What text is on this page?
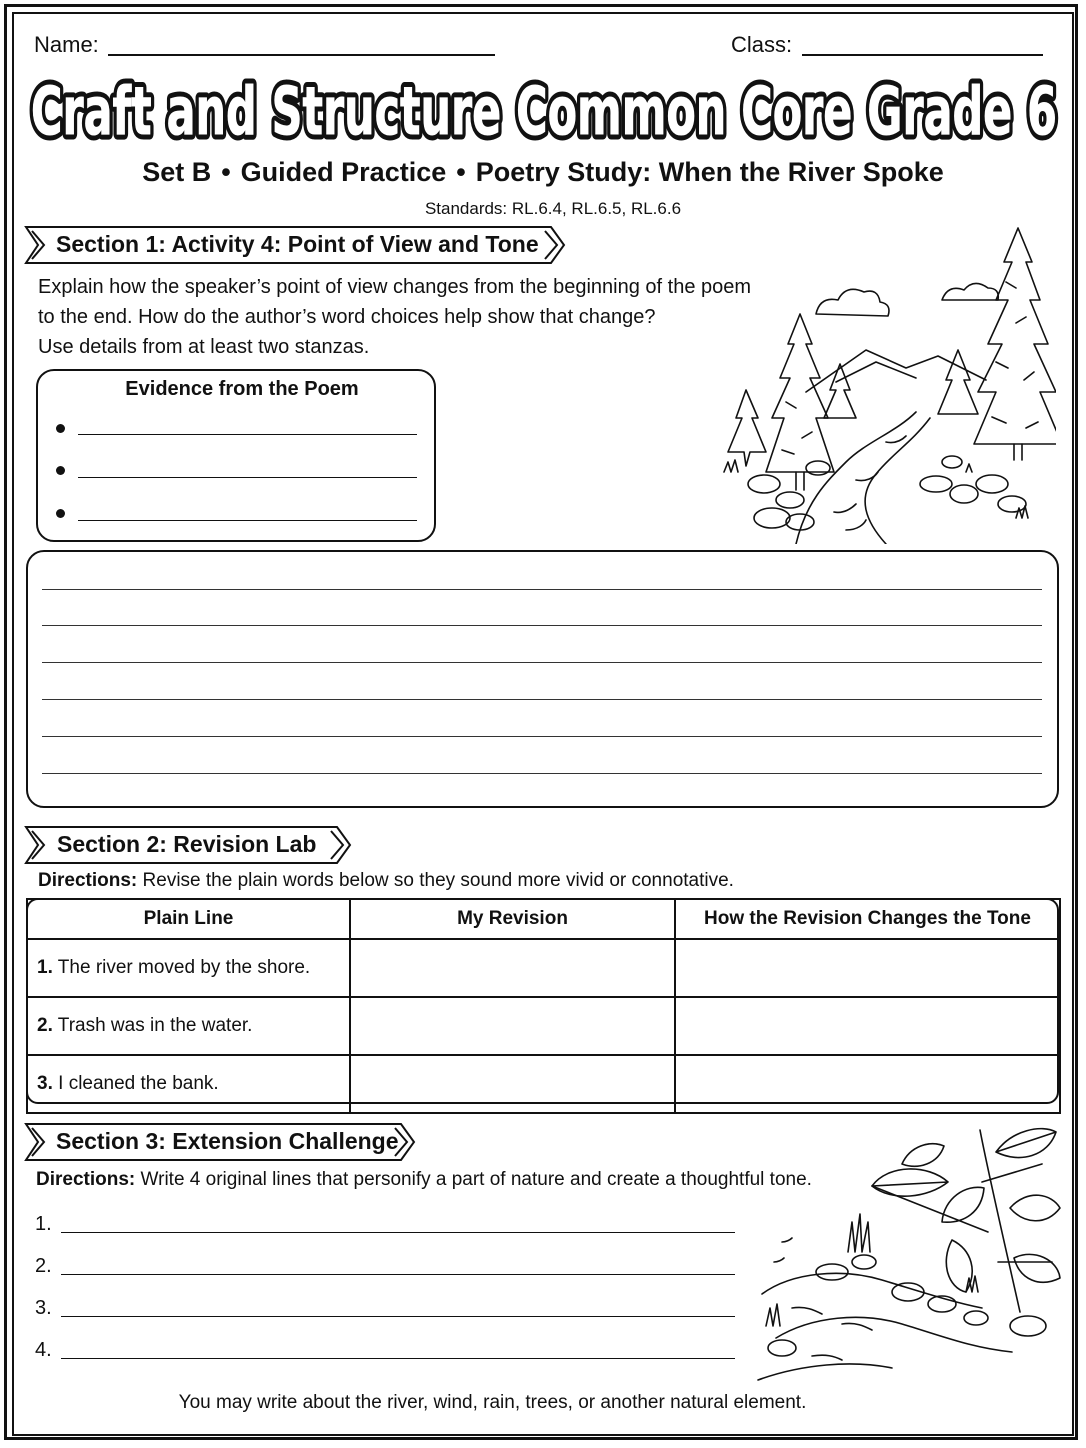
Name:	Class:
Craft and Structure Common Core Grade 6
Craft and Structure Common Core Grade 6
Set B • Guided Practice • Poetry Study: When the River Spoke
Standards: RL.6.4, RL.6.5, RL.6.6
Section 1: Activity 4: Point of View and Tone
Explain how the speaker’s point of view changes from the beginning of the poem
to the end. How do the author’s word choices help show that change?
Use details from at least two stanzas.
Evidence from the Poem
Section 2: Revision Lab
Directions: Revise the plain words below so they sound more vivid or connotative.
Plain Line	My Revision	How the Revision Changes the Tone
1. The river moved by the shore.		
2. Trash was in the water.		
3. I cleaned the bank.		
Section 3: Extension Challenge
Directions: Write 4 original lines that personify a part of nature and create a thoughtful tone.
1.
2.
3.
4.
You may write about the river, wind, rain, trees, or another natural element.
